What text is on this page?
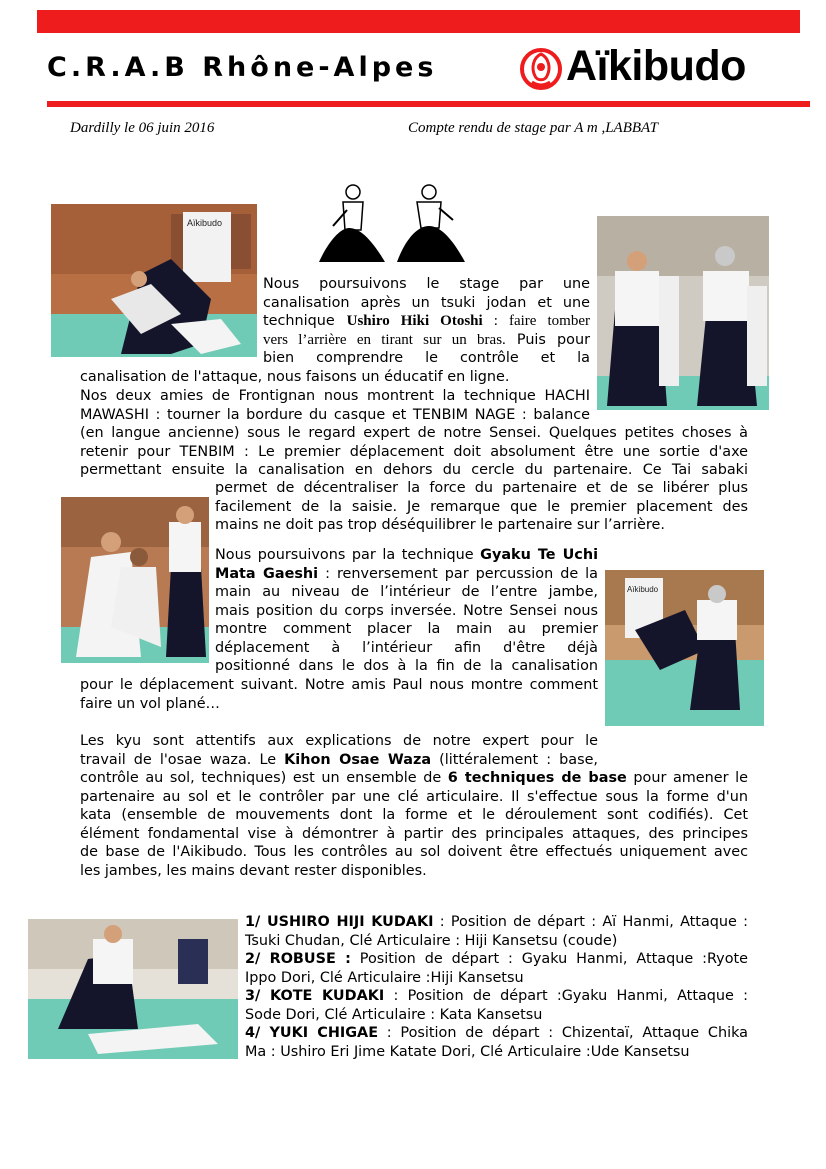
C.R.A.B Rhône-Alpes	Aïkibudo
Dardilly le 06 juin 2016	Compte rendu de stage par A m ,LABBAT
Aïkibudo
Aïkibudo
Nous poursuivons le stage par une
canalisation après un tsuki jodan et une
technique Ushiro Hiki Otoshi : faire tomber
vers l’arrière en tirant sur un bras. Puis pour
bien comprendre le contrôle et la
canalisation de l'attaque, nous faisons un éducatif en ligne.
Nos deux amies de Frontignan nous montrent la technique HACHI
MAWASHI : tourner la bordure du casque et TENBIM NAGE : balance
(en langue ancienne) sous le regard expert de notre Sensei. Quelques petites choses à
retenir pour TENBIM : Le premier déplacement doit absolument être une sortie d'axe
permettant ensuite la canalisation en dehors du cercle du partenaire. Ce Tai sabaki
permet de décentraliser la force du partenaire et de se libérer plus
facilement de la saisie. Je remarque que le premier placement des
mains ne doit pas trop déséquilibrer le partenaire sur l’arrière.
Nous poursuivons par la technique Gyaku Te Uchi
Mata Gaeshi : renversement par percussion de la
main au niveau de l’intérieur de l’entre jambe,
mais position du corps inversée. Notre Sensei nous
montre comment placer la main au premier
déplacement à l’intérieur afin d'être déjà
positionné dans le dos à la fin de la canalisation
pour le déplacement suivant. Notre amis Paul nous montre comment
faire un vol plané…
Les kyu sont attentifs aux explications de notre expert pour le
travail de l'osae waza. Le Kihon Osae Waza (littéralement : base,
contrôle au sol, techniques) est un ensemble de 6 techniques de base pour amener le
partenaire au sol et le contrôler par une clé articulaire. Il s'effectue sous la forme d'un
kata (ensemble de mouvements dont la forme et le déroulement sont codifiés). Cet
élément fondamental vise à démontrer à partir des principales attaques, des principes
de base de l'Aikibudo. Tous les contrôles au sol doivent être effectués uniquement avec
les jambes, les mains devant rester disponibles.
1/ USHIRO HIJI KUDAKI : Position de départ : Aï Hanmi, Attaque :
Tsuki Chudan, Clé Articulaire : Hiji Kansetsu (coude)
2/ ROBUSE : Position de départ : Gyaku Hanmi, Attaque :Ryote
Ippo Dori, Clé Articulaire :Hiji Kansetsu
3/ KOTE KUDAKI : Position de départ :Gyaku Hanmi, Attaque :
Sode Dori, Clé Articulaire : Kata Kansetsu
4/ YUKI CHIGAE : Position de départ : Chizentaï, Attaque Chika
Ma : Ushiro Eri Jime Katate Dori, Clé Articulaire :Ude Kansetsu
